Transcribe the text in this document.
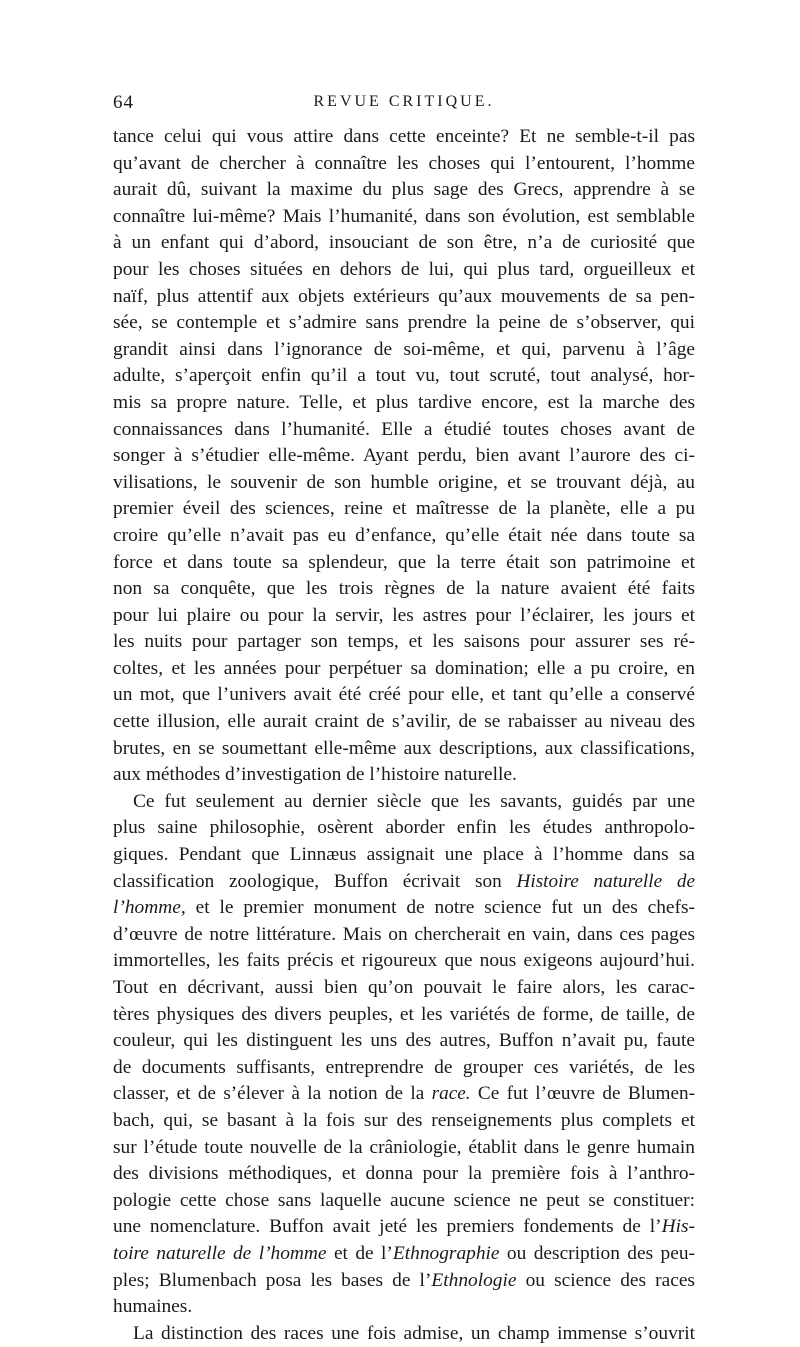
64	REVUE CRITIQUE.
tance celui qui vous attire dans cette enceinte? Et ne semble-t-il pas
qu’avant de chercher à connaître les choses qui l’entourent, l’homme
aurait dû, suivant la maxime du plus sage des Grecs, apprendre à se
connaître lui-même? Mais l’humanité, dans son évolution, est semblable
à un enfant qui d’abord, insouciant de son être, n’a de curiosité que
pour les choses situées en dehors de lui, qui plus tard, orgueilleux et
naïf, plus attentif aux objets extérieurs qu’aux mouvements de sa pen-
sée, se contemple et s’admire sans prendre la peine de s’observer, qui
grandit ainsi dans l’ignorance de soi-même, et qui, parvenu à l’âge
adulte, s’aperçoit enfin qu’il a tout vu, tout scruté, tout analysé, hor-
mis sa propre nature. Telle, et plus tardive encore, est la marche des
connaissances dans l’humanité. Elle a étudié toutes choses avant de
songer à s’étudier elle-même. Ayant perdu, bien avant l’aurore des ci-
vilisations, le souvenir de son humble origine, et se trouvant déjà, au
premier éveil des sciences, reine et maîtresse de la planète, elle a pu
croire qu’elle n’avait pas eu d’enfance, qu’elle était née dans toute sa
force et dans toute sa splendeur, que la terre était son patrimoine et
non sa conquête, que les trois règnes de la nature avaient été faits
pour lui plaire ou pour la servir, les astres pour l’éclairer, les jours et
les nuits pour partager son temps, et les saisons pour assurer ses ré-
coltes, et les années pour perpétuer sa domination; elle a pu croire, en
un mot, que l’univers avait été créé pour elle, et tant qu’elle a conservé
cette illusion, elle aurait craint de s’avilir, de se rabaisser au niveau des
brutes, en se soumettant elle-même aux descriptions, aux classifications,
aux méthodes d’investigation de l’histoire naturelle.
Ce fut seulement au dernier siècle que les savants, guidés par une
plus saine philosophie, osèrent aborder enfin les études anthropolo-
giques. Pendant que Linnæus assignait une place à l’homme dans sa
classification zoologique, Buffon écrivait son Histoire naturelle de
l’homme, et le premier monument de notre science fut un des chefs-
d’œuvre de notre littérature. Mais on chercherait en vain, dans ces pages
immortelles, les faits précis et rigoureux que nous exigeons aujourd’hui.
Tout en décrivant, aussi bien qu’on pouvait le faire alors, les carac-
tères physiques des divers peuples, et les variétés de forme, de taille, de
couleur, qui les distinguent les uns des autres, Buffon n’avait pu, faute
de documents suffisants, entreprendre de grouper ces variétés, de les
classer, et de s’élever à la notion de la race. Ce fut l’œuvre de Blumen-
bach, qui, se basant à la fois sur des renseignements plus complets et
sur l’étude toute nouvelle de la crâniologie, établit dans le genre humain
des divisions méthodiques, et donna pour la première fois à l’anthro-
pologie cette chose sans laquelle aucune science ne peut se constituer:
une nomenclature. Buffon avait jeté les premiers fondements de l’His-
toire naturelle de l’homme et de l’Ethnographie ou description des peu-
ples; Blumenbach posa les bases de l’Ethnologie ou science des races
humaines.
La distinction des races une fois admise, un champ immense s’ouvrit
